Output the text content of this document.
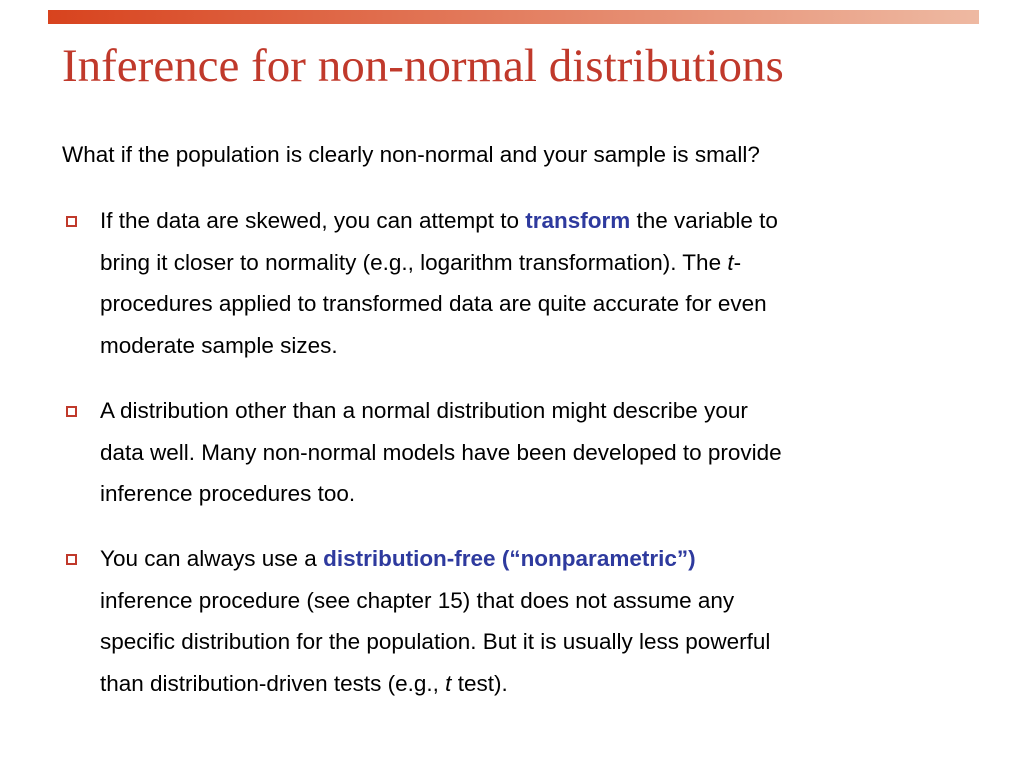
Inference for non-normal distributions

What if the population is clearly non-normal and your sample is small?

If the data are skewed, you can attempt to transform the variable to
bring it closer to normality (e.g., logarithm transformation). The t-
procedures applied to transformed data are quite accurate for even
moderate sample sizes.
A distribution other than a normal distribution might describe your
data well. Many non-normal models have been developed to provide
inference procedures too.
You can always use a distribution-free (“nonparametric”)
inference procedure (see chapter 15) that does not assume any
specific distribution for the population. But it is usually less powerful
than distribution-driven tests (e.g., t test).
